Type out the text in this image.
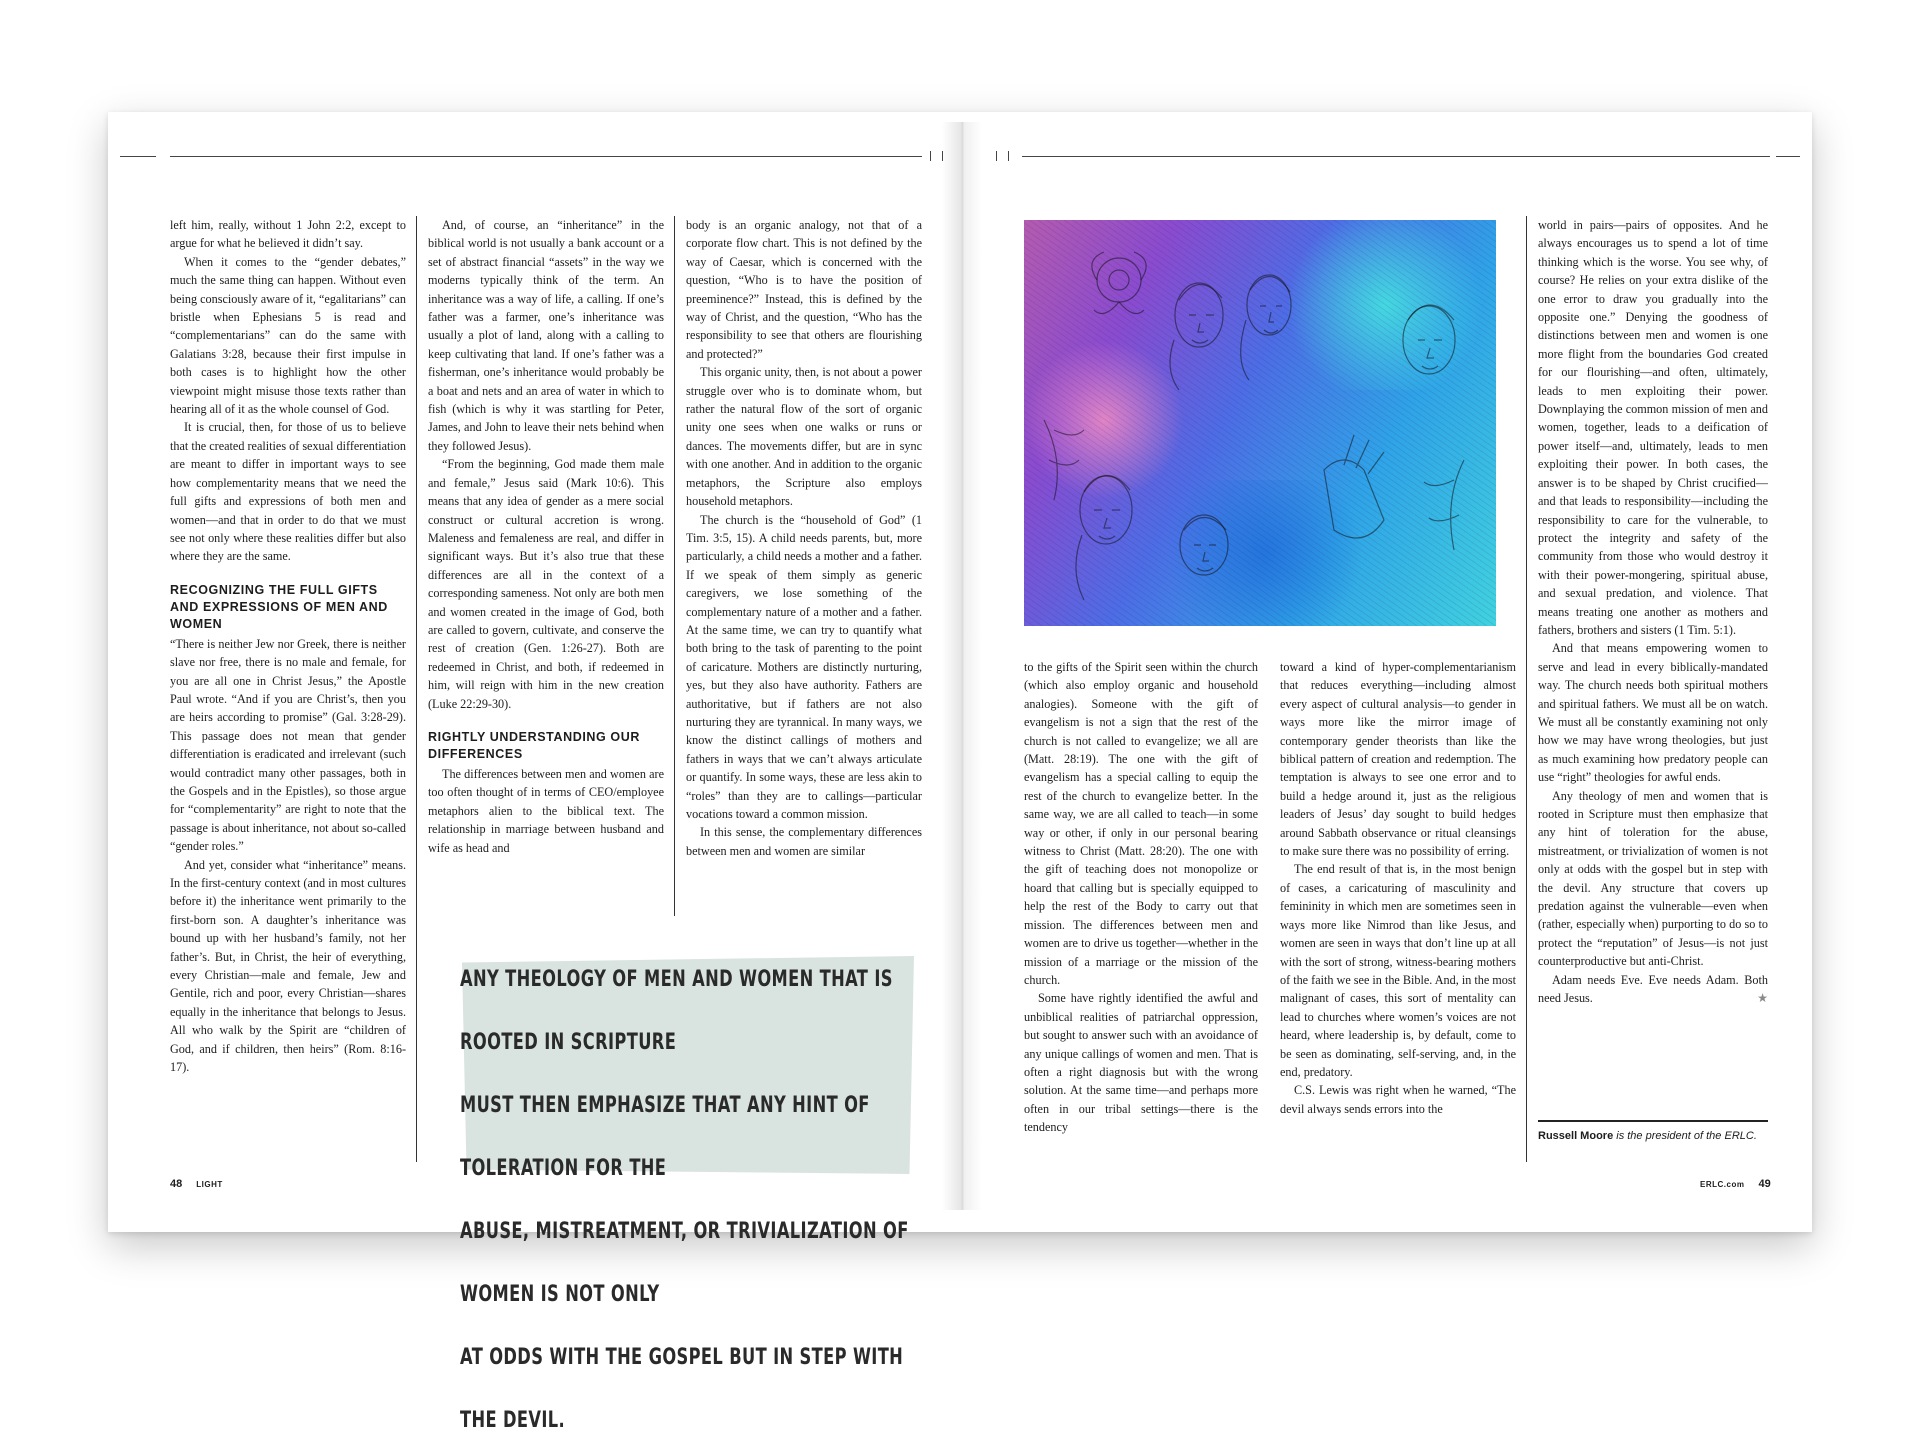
left him, really, without 1 John 2:2, except to argue for what he believed it didn’t say.

When it comes to the “gender debates,” much the same thing can happen. Without even being consciously aware of it, “egalitarians” can bristle when Ephesians 5 is read and “complementarians” can do the same with Galatians 3:28, because their first impulse in both cases is to highlight how the other viewpoint might misuse those texts rather than hearing all of it as the whole counsel of God.

It is crucial, then, for those of us to believe that the created realities of sexual differentiation are meant to differ in important ways to see how complementarity means that we need the full gifts and expressions of both men and women—and that in order to do that we must see not only where these realities differ but also where they are the same.

RECOGNIZING THE FULL GIFTS AND EXPRESSIONS OF MEN AND WOMEN

“There is neither Jew nor Greek, there is neither slave nor free, there is no male and female, for you are all one in Christ Jesus,” the Apostle Paul wrote. “And if you are Christ’s, then you are heirs according to promise” (Gal. 3:28-29). This passage does not mean that gender differentiation is eradicated and irrelevant (such would contradict many other passages, both in the Gospels and in the Epistles), so those argue for “complementarity” are right to note that the passage is about inheritance, not about so-called “gender roles.”

And yet, consider what “inheritance” means. In the first-century context (and in most cultures before it) the inheritance went primarily to the first-born son. A daughter’s inheritance was bound up with her husband’s family, not her father’s. But, in Christ, the heir of everything, every Christian—male and female, Jew and Gentile, rich and poor, every Christian—shares equally in the inheritance that belongs to Jesus. All who walk by the Spirit are “children of God, and if children, then heirs” (Rom. 8:16-17).

And, of course, an “inheritance” in the biblical world is not usually a bank account or a set of abstract financial “assets” in the way we moderns typically think of the term. An inheritance was a way of life, a calling. If one’s father was a farmer, one’s inheritance was usually a plot of land, along with a calling to keep cultivating that land. If one’s father was a fisherman, one’s inheritance would probably be a boat and nets and an area of water in which to fish (which is why it was startling for Peter, James, and John to leave their nets behind when they followed Jesus).

“From the beginning, God made them male and female,” Jesus said (Mark 10:6). This means that any idea of gender as a mere social construct or cultural accretion is wrong. Maleness and femaleness are real, and differ in significant ways. But it’s also true that these differences are all in the context of a corresponding sameness. Not only are both men and women created in the image of God, both are called to govern, cultivate, and conserve the rest of creation (Gen. 1:26-27). Both are redeemed in Christ, and both, if redeemed in him, will reign with him in the new creation (Luke 22:29-30).

RIGHTLY UNDERSTANDING OUR DIFFERENCES

The differences between men and women are too often thought of in terms of CEO/employee metaphors alien to the biblical text. The relationship in marriage between husband and wife as head and

body is an organic analogy, not that of a corporate flow chart. This is not defined by the way of Caesar, which is concerned with the question, “Who is to have the position of preeminence?” Instead, this is defined by the way of Christ, and the question, “Who has the responsibility to see that others are flourishing and protected?”

This organic unity, then, is not about a power struggle over who is to dominate whom, but rather the natural flow of the sort of organic unity one sees when one walks or runs or dances. The movements differ, but are in sync with one another. And in addition to the organic metaphors, the Scripture also employs household metaphors.

The church is the “household of God” (1 Tim. 3:5, 15). A child needs parents, but, more particularly, a child needs a mother and a father. If we speak of them simply as generic caregivers, we lose something of the complementary nature of a mother and a father. At the same time, we can try to quantify what both bring to the task of parenting to the point of caricature. Mothers are distinctly nurturing, yes, but they also have authority. Fathers are authoritative, but if fathers are not also nurturing they are tyrannical. In many ways, we know the distinct callings of mothers and fathers in ways that we can’t always articulate or quantify. In some ways, these are less akin to “roles” than they are to callings—particular vocations toward a common mission.

In this sense, the complementary differences between men and women are similar

ANY THEOLOGY OF MEN AND WOMEN THAT IS ROOTED IN SCRIPTURE
MUST THEN EMPHASIZE THAT ANY HINT OF TOLERATION FOR THE
ABUSE, MISTREATMENT, OR TRIVIALIZATION OF WOMEN IS NOT ONLY
AT ODDS WITH THE GOSPEL BUT IN STEP WITH THE DEVIL.
48 LIGHT

to the gifts of the Spirit seen within the church (which also employ organic and household analogies). Someone with the gift of evangelism is not a sign that the rest of the church is not called to evangelize; we all are (Matt. 28:19). The one with the gift of evangelism has a special calling to equip the rest of the church to evangelize better. In the same way, we are all called to teach—in some way or other, if only in our personal bearing witness to Christ (Matt. 28:20). The one with the gift of teaching does not monopolize or hoard that calling but is specially equipped to help the rest of the Body to carry out that mission. The differences between men and women are to drive us together—whether in the mission of a marriage or the mission of the church.

Some have rightly identified the awful and unbiblical realities of patriarchal oppression, but sought to answer such with an avoidance of any unique callings of women and men. That is often a right diagnosis but with the wrong solution. At the same time—and perhaps more often in our tribal settings—there is the tendency

toward a kind of hyper-complementarianism that reduces everything—including almost every aspect of cultural analysis—to gender in ways more like the mirror image of contemporary gender theorists than like the biblical pattern of creation and redemption. The temptation is always to see one error and to build a hedge around it, just as the religious leaders of Jesus’ day sought to build hedges around Sabbath observance or ritual cleansings to make sure there was no possibility of erring.

The end result of that is, in the most benign of cases, a caricaturing of masculinity and femininity in which men are sometimes seen in ways more like Nimrod than like Jesus, and women are seen in ways that don’t line up at all with the sort of strong, witness-bearing mothers of the faith we see in the Bible. And, in the most malignant of cases, this sort of mentality can lead to churches where women’s voices are not heard, where leadership is, by default, come to be seen as dominating, self-serving, and, in the end, predatory.

C.S. Lewis was right when he warned, “The devil always sends errors into the

world in pairs—pairs of opposites. And he always encourages us to spend a lot of time thinking which is the worse. You see why, of course? He relies on your extra dislike of the one error to draw you gradually into the opposite one.” Denying the goodness of distinctions between men and women is one more flight from the boundaries God created for our flourishing—and often, ultimately, leads to men exploiting their power. Downplaying the common mission of men and women, together, leads to a deification of power itself—and, ultimately, leads to men exploiting their power. In both cases, the answer is to be shaped by Christ crucified—and that leads to responsibility—including the responsibility to care for the vulnerable, to protect the integrity and safety of the community from those who would destroy it with their power-mongering, spiritual abuse, and sexual predation, and violence. That means treating one another as mothers and fathers, brothers and sisters (1 Tim. 5:1).

And that means empowering women to serve and lead in every biblically-mandated way. The church needs both spiritual mothers and spiritual fathers. We must all be on watch. We must all be constantly examining not only how we may have wrong theologies, but just as much examining how predatory people can use “right” theologies for awful ends.

Any theology of men and women that is rooted in Scripture must then emphasize that any hint of toleration for the abuse, mistreatment, or trivialization of women is not only at odds with the gospel but in step with the devil. Any structure that covers up predation against the vulnerable—even when (rather, especially when) purporting to do so to protect the “reputation” of Jesus—is not just counterproductive but anti-Christ.

Adam needs Eve. Eve needs Adam. Both need Jesus.	★

Russell Moore is the president of the ERLC.
ERLC.com 49
